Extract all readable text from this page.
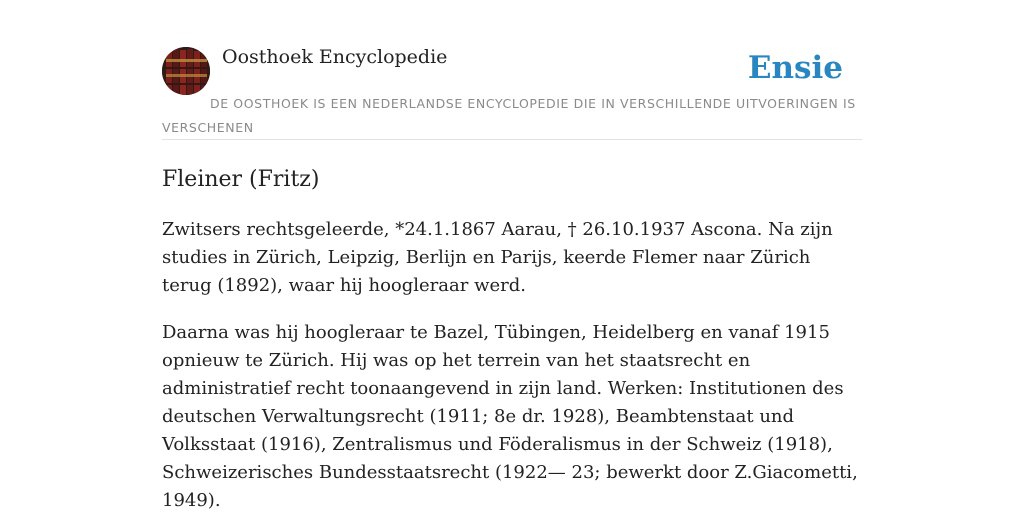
Oosthoek Encyclopedie	Ensie
DE OOSTHOEK IS EEN NEDERLANDSE ENCYCLOPEDIE DIE IN VERSCHILLENDE UITVOERINGEN IS VERSCHENEN
Fleiner (Fritz)

Zwitsers rechtsgeleerde, *24.1.1867 Aarau, † 26.10.1937 Ascona. Na zijn studies in Zürich, Leipzig, Berlijn en Parijs, keerde Flemer naar Zürich terug (1892), waar hij hoogleraar werd.

Daarna was hij hoogleraar te Bazel, Tübingen, Heidelberg en vanaf 1915 opnieuw te Zürich. Hij was op het terrein van het staatsrecht en administratief recht toonaangevend in zijn land. Werken: Institutionen des deutschen Verwaltungsrecht (1911; 8e dr. 1928), Beambtenstaat und Volksstaat (1916), Zentralismus und Föderalismus in der Schweiz (1918), Schweizerisches Bundesstaatsrecht (1922— 23; bewerkt door Z.Giacometti, 1949).
